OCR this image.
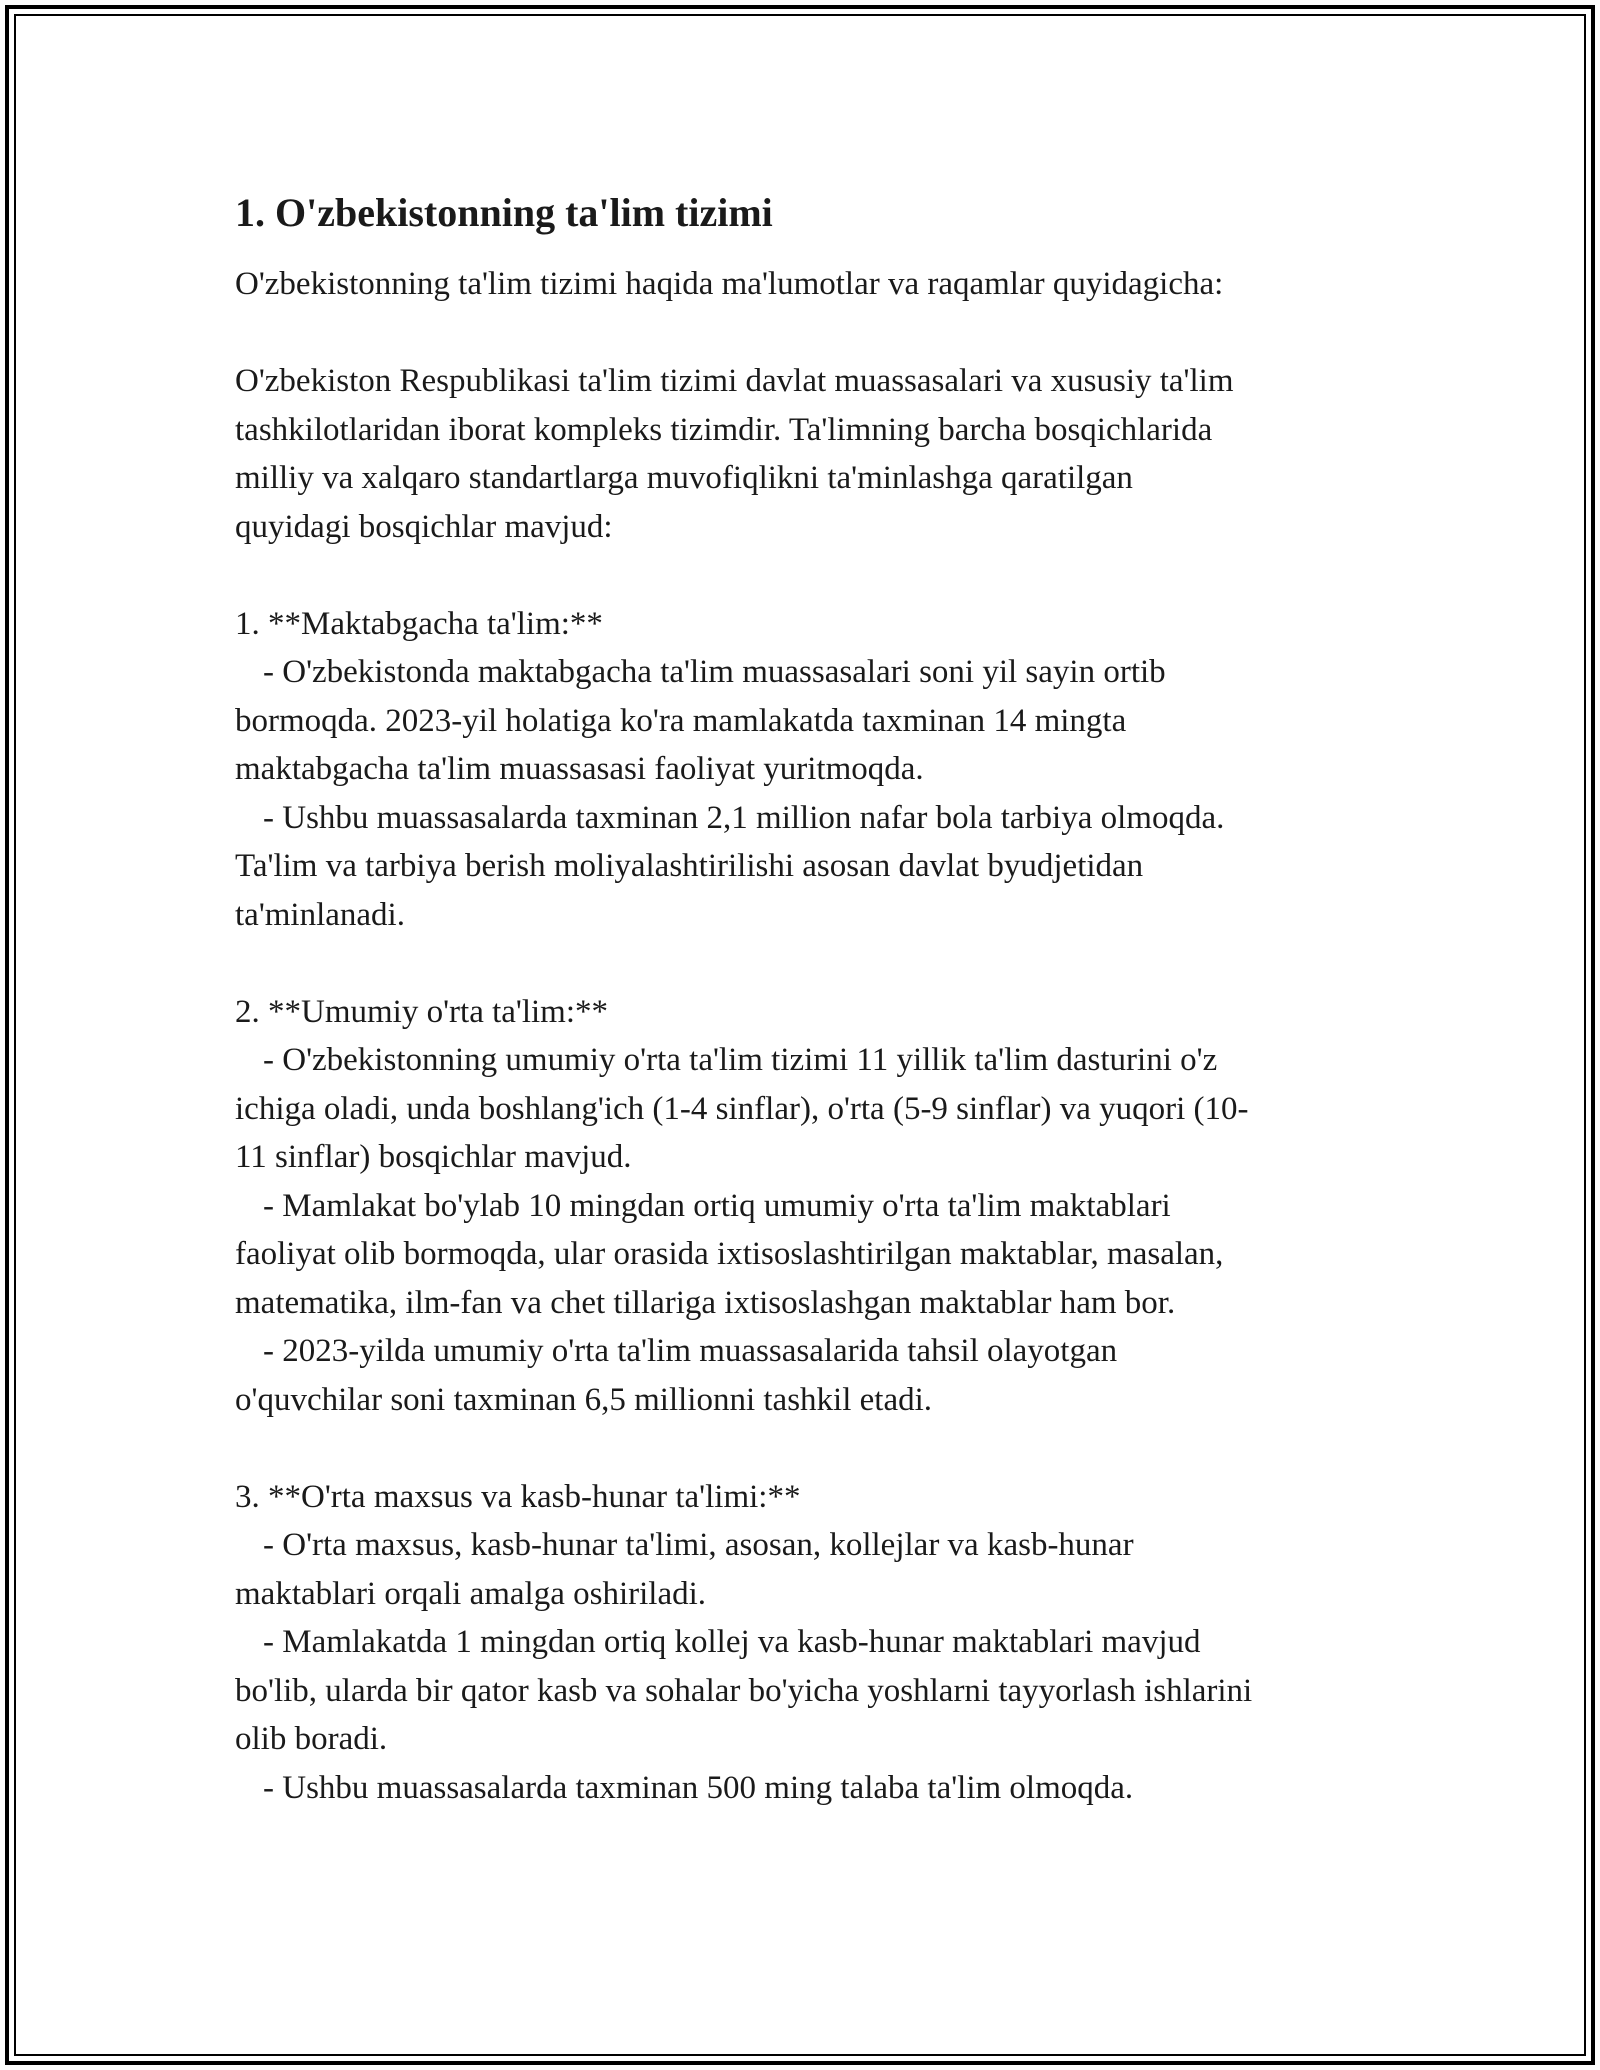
1. O'zbekistonning ta'lim tizimi

O'zbekistonning ta'lim tizimi haqida ma'lumotlar va raqamlar quyidagicha:

O'zbekiston Respublikasi ta'lim tizimi davlat muassasalari va xususiy ta'lim
tashkilotlaridan iborat kompleks tizimdir. Ta'limning barcha bosqichlarida
milliy va xalqaro standartlarga muvofiqlikni ta'minlashga qaratilgan
quyidagi bosqichlar mavjud:

1. **Maktabgacha ta'lim:**
- O'zbekistonda maktabgacha ta'lim muassasalari soni yil sayin ortib
bormoqda. 2023-yil holatiga ko'ra mamlakatda taxminan 14 mingta
maktabgacha ta'lim muassasasi faoliyat yuritmoqda.
- Ushbu muassasalarda taxminan 2,1 million nafar bola tarbiya olmoqda.
Ta'lim va tarbiya berish moliyalashtirilishi asosan davlat byudjetidan
ta'minlanadi.

2. **Umumiy o'rta ta'lim:**
- O'zbekistonning umumiy o'rta ta'lim tizimi 11 yillik ta'lim dasturini o'z
ichiga oladi, unda boshlang'ich (1-4 sinflar), o'rta (5-9 sinflar) va yuqori (10-
11 sinflar) bosqichlar mavjud.
- Mamlakat bo'ylab 10 mingdan ortiq umumiy o'rta ta'lim maktablari
faoliyat olib bormoqda, ular orasida ixtisoslashtirilgan maktablar, masalan,
matematika, ilm-fan va chet tillariga ixtisoslashgan maktablar ham bor.
- 2023-yilda umumiy o'rta ta'lim muassasalarida tahsil olayotgan
o'quvchilar soni taxminan 6,5 millionni tashkil etadi.

3. **O'rta maxsus va kasb-hunar ta'limi:**
- O'rta maxsus, kasb-hunar ta'limi, asosan, kollejlar va kasb-hunar
maktablari orqali amalga oshiriladi.
- Mamlakatda 1 mingdan ortiq kollej va kasb-hunar maktablari mavjud
bo'lib, ularda bir qator kasb va sohalar bo'yicha yoshlarni tayyorlash ishlarini
olib boradi.
- Ushbu muassasalarda taxminan 500 ming talaba ta'lim olmoqda.
